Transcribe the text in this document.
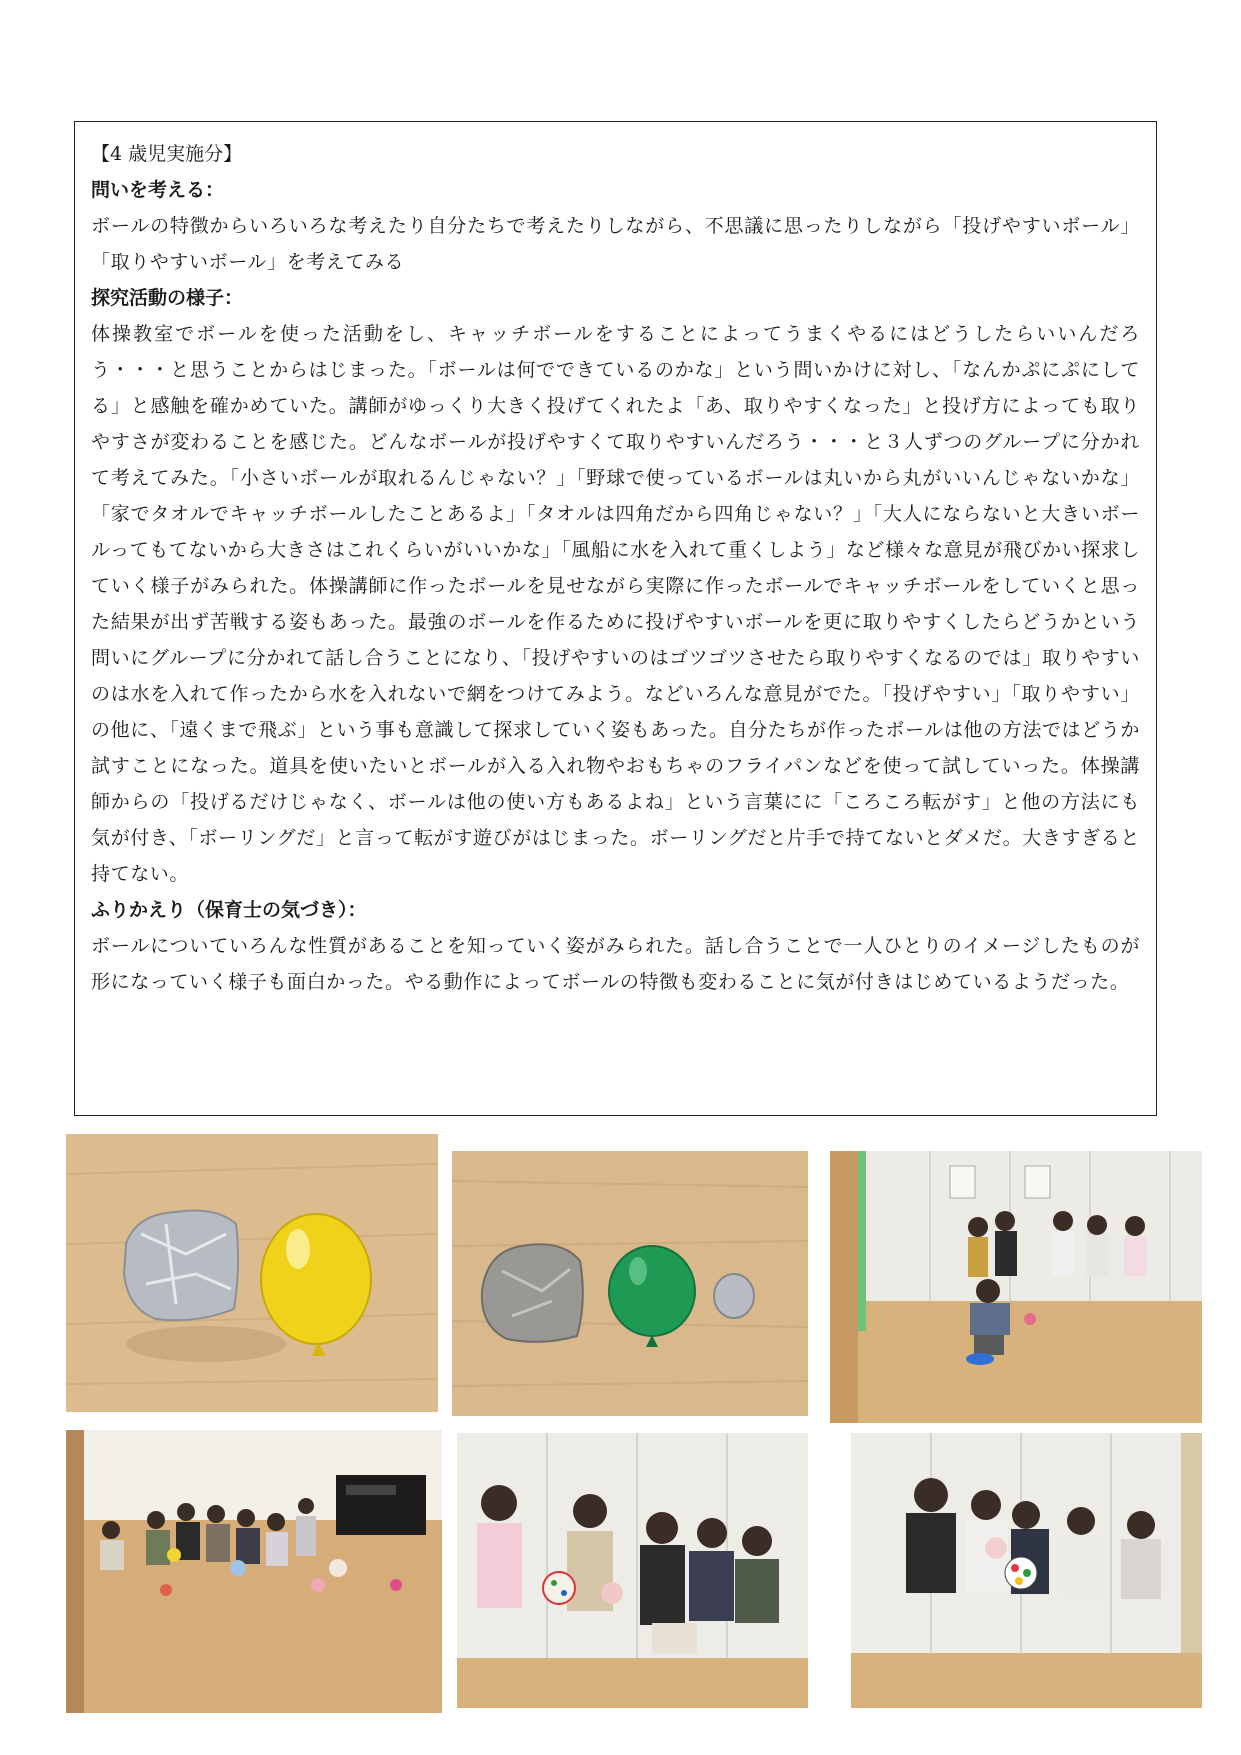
【4 歳児実施分】

問いを考える：

ボールの特徴からいろいろな考えたり自分たちで考えたりしながら、不思議に思ったりしながら「投げやすいボール」「取りやすいボール」を考えてみる

探究活動の様子：

体操教室でボールを使った活動をし、キャッチボールをすることによってうまくやるにはどうしたらいいんだろう・・・と思うことからはじまった。「ボールは何でできているのかな」という問いかけに対し、「なんかぷにぷにしてる」と感触を確かめていた。講師がゆっくり大きく投げてくれたよ「あ、取りやすくなった」と投げ方によっても取りやすさが変わることを感じた。どんなボールが投げやすくて取りやすいんだろう・・・と３人ずつのグループに分かれて考えてみた。「小さいボールが取れるんじゃない？」「野球で使っているボールは丸いから丸がいいんじゃないかな」「家でタオルでキャッチボールしたことあるよ」「タオルは四角だから四角じゃない？」「大人にならないと大きいボールってもてないから大きさはこれくらいがいいかな」「風船に水を入れて重くしよう」など様々な意見が飛びかい探求していく様子がみられた。体操講師に作ったボールを見せながら実際に作ったボールでキャッチボールをしていくと思った結果が出ず苦戦する姿もあった。最強のボールを作るために投げやすいボールを更に取りやすくしたらどうかという問いにグループに分かれて話し合うことになり、「投げやすいのはゴツゴツさせたら取りやすくなるのでは」取りやすいのは水を入れて作ったから水を入れないで網をつけてみよう。などいろんな意見がでた。「投げやすい」「取りやすい」の他に、「遠くまで飛ぶ」という事も意識して探求していく姿もあった。自分たちが作ったボールは他の方法ではどうか試すことになった。道具を使いたいとボールが入る入れ物やおもちゃのフライパンなどを使って試していった。体操講師からの「投げるだけじゃなく、ボールは他の使い方もあるよね」という言葉にに「ころころ転がす」と他の方法にも気が付き、「ボーリングだ」と言って転がす遊びがはじまった。ボーリングだと片手で持てないとダメだ。大きすぎると持てない。

ふりかえり（保育士の気づき）：

ボールについていろんな性質があることを知っていく姿がみられた。話し合うことで一人ひとりのイメージしたものが形になっていく様子も面白かった。やる動作によってボールの特徴も変わることに気が付きはじめているようだった。
